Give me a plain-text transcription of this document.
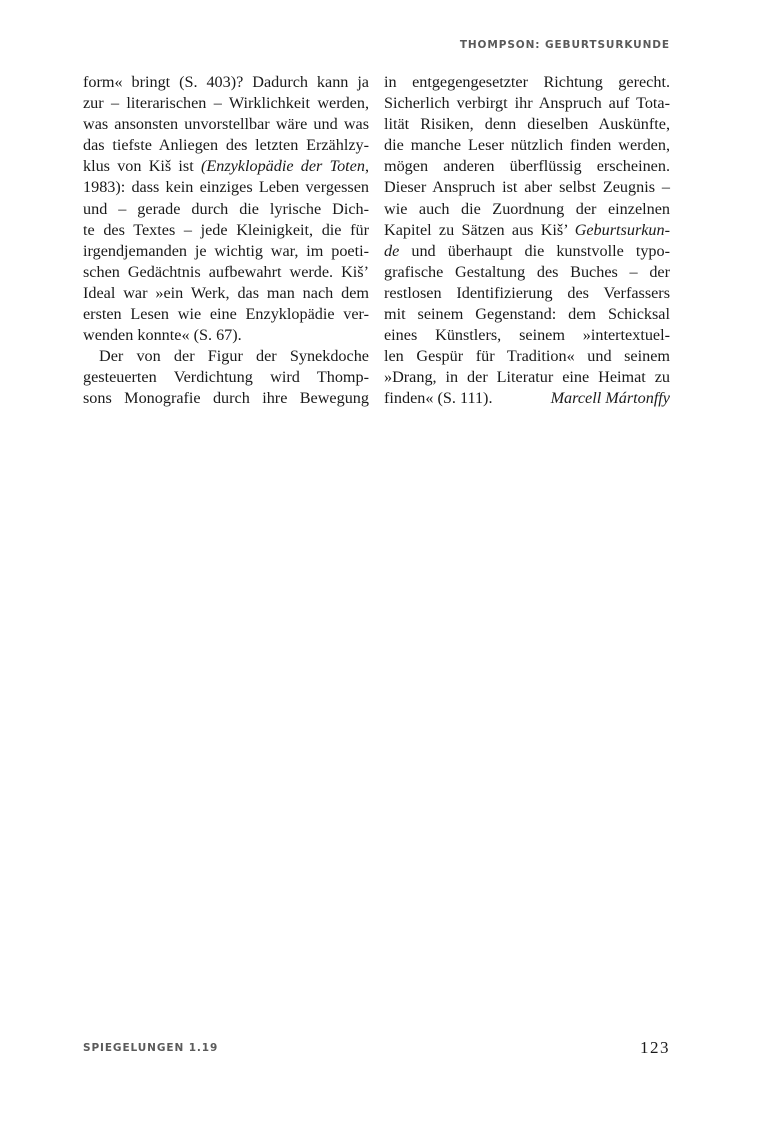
THOMPSON: GEBURTSURKUNDE
form« bringt (S. 403)? Dadurch kann ja
zur – literarischen – Wirklichkeit werden,
was ansonsten unvorstellbar wäre und was
das tiefste Anliegen des letzten Erzählzy-
klus von Kiš ist (Enzyklopädie der Toten,
1983): dass kein einziges Leben vergessen
und – gerade durch die lyrische Dich-
te des Textes – jede Kleinigkeit, die für
irgendjemanden je wichtig war, im poeti-
schen Gedächtnis aufbewahrt werde. Kiš’
Ideal war »ein Werk, das man nach dem
ersten Lesen wie eine Enzyklopädie ver-
wenden konnte« (S. 67).
Der von der Figur der Synekdoche
gesteuerten Verdichtung wird Thomp-
sons Monografie durch ihre Bewegung
in entgegengesetzter Richtung gerecht.
Sicherlich verbirgt ihr Anspruch auf Tota-
lität Risiken, denn dieselben Auskünfte,
die manche Leser nützlich finden werden,
mögen anderen überflüssig erscheinen.
Dieser Anspruch ist aber selbst Zeugnis –
wie auch die Zuordnung der einzelnen
Kapitel zu Sätzen aus Kiš’ Geburtsurkun-
de und überhaupt die kunstvolle typo-
grafische Gestaltung des Buches – der
restlosen Identifizierung des Verfassers
mit seinem Gegenstand: dem Schicksal
eines Künstlers, seinem »intertextuel-
len Gespür für Tradition« und seinem
»Drang, in der Literatur eine Heimat zu
finden« (S. 111).	Marcell Mártonffy
SPIEGELUNGEN 1.19	123
